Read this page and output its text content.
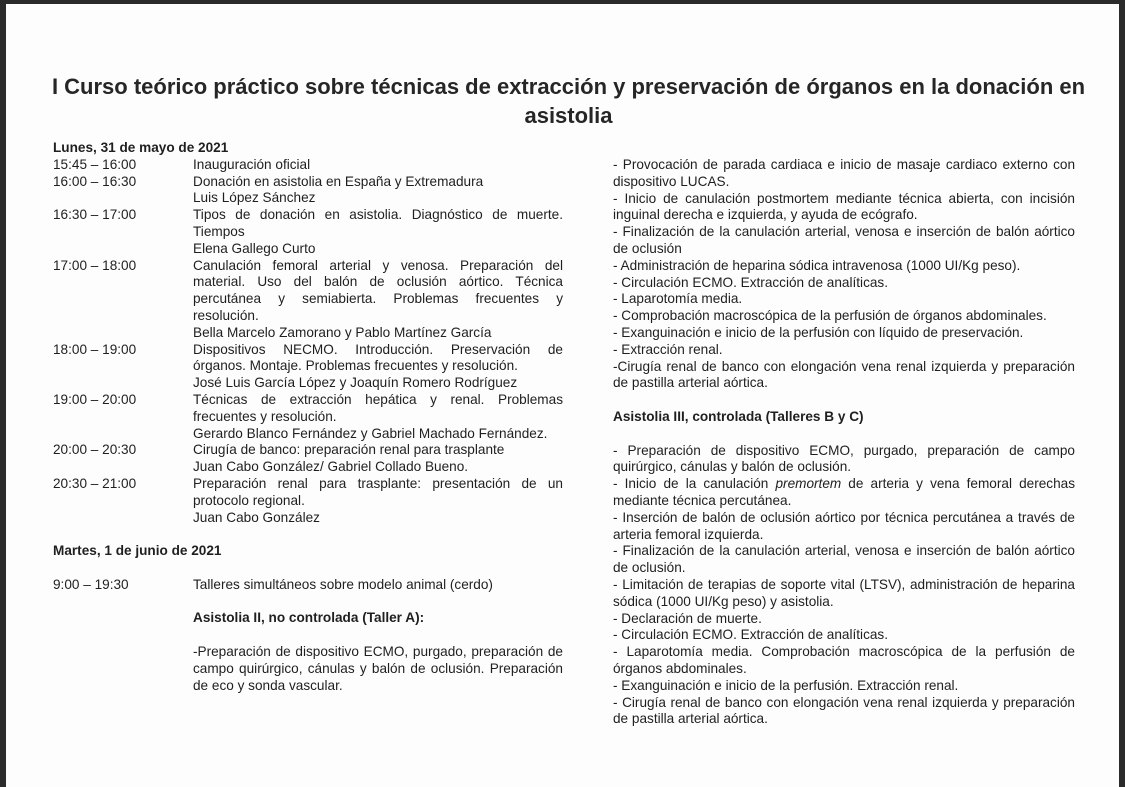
I Curso teórico práctico sobre técnicas de extracción y preservación de órganos en la donación en asistolia
Lunes, 31 de mayo de 2021
15:45 – 16:00	Inauguración oficial
16:00 – 16:30	Donación en asistolia en España y Extremadura
Luis López Sánchez
16:30 – 17:00	Tipos de donación en asistolia. Diagnóstico de muerte. Tiempos
Elena Gallego Curto
17:00 – 18:00	Canulación femoral arterial y venosa. Preparación del material. Uso del balón de oclusión aórtico. Técnica percutánea y semiabierta. Problemas frecuentes y resolución.
Bella Marcelo Zamorano y Pablo Martínez García
18:00 – 19:00	Dispositivos NECMO. Introducción. Preservación de órganos. Montaje. Problemas frecuentes y resolución.
José Luis García López y Joaquín Romero Rodríguez
19:00 – 20:00	Técnicas de extracción hepática y renal. Problemas frecuentes y resolución.
Gerardo Blanco Fernández y Gabriel Machado Fernández.
20:00 – 20:30	Cirugía de banco: preparación renal para trasplante
Juan Cabo González/ Gabriel Collado Bueno.
20:30 – 21:00	Preparación renal para trasplante: presentación de un protocolo regional.
Juan Cabo González
Martes, 1 de junio de 2021
9:00 – 19:30	Talleres simultáneos sobre modelo animal (cerdo)
Asistolia II, no controlada (Taller A):
-Preparación de dispositivo ECMO, purgado, preparación de campo quirúrgico, cánulas y balón de oclusión. Preparación de eco y sonda vascular.

- Provocación de parada cardiaca e inicio de masaje cardiaco externo con dispositivo LUCAS.

- Inicio de canulación postmortem mediante técnica abierta, con incisión inguinal derecha e izquierda, y ayuda de ecógrafo.

- Finalización de la canulación arterial, venosa e inserción de balón aórtico de oclusión

- Administración de heparina sódica intravenosa (1000 UI/Kg peso).

- Circulación ECMO. Extracción de analíticas.

- Laparotomía media.

- Comprobación macroscópica de la perfusión de órganos abdominales.

- Exanguinación e inicio de la perfusión con líquido de preservación.

- Extracción renal.

-Cirugía renal de banco con elongación vena renal izquierda y preparación de pastilla arterial aórtica.

Asistolia III, controlada (Talleres B y C)

- Preparación de dispositivo ECMO, purgado, preparación de campo quirúrgico, cánulas y balón de oclusión.

- Inicio de la canulación premortem de arteria y vena femoral derechas mediante técnica percutánea.

- Inserción de balón de oclusión aórtico por técnica percutánea a través de arteria femoral izquierda.

- Finalización de la canulación arterial, venosa e inserción de balón aórtico de oclusión.

- Limitación de terapias de soporte vital (LTSV), administración de heparina sódica (1000 UI/Kg peso) y asistolia.

- Declaración de muerte.

- Circulación ECMO. Extracción de analíticas.

- Laparotomía media. Comprobación macroscópica de la perfusión de órganos abdominales.

- Exanguinación e inicio de la perfusión. Extracción renal.

- Cirugía renal de banco con elongación vena renal izquierda y preparación de pastilla arterial aórtica.
